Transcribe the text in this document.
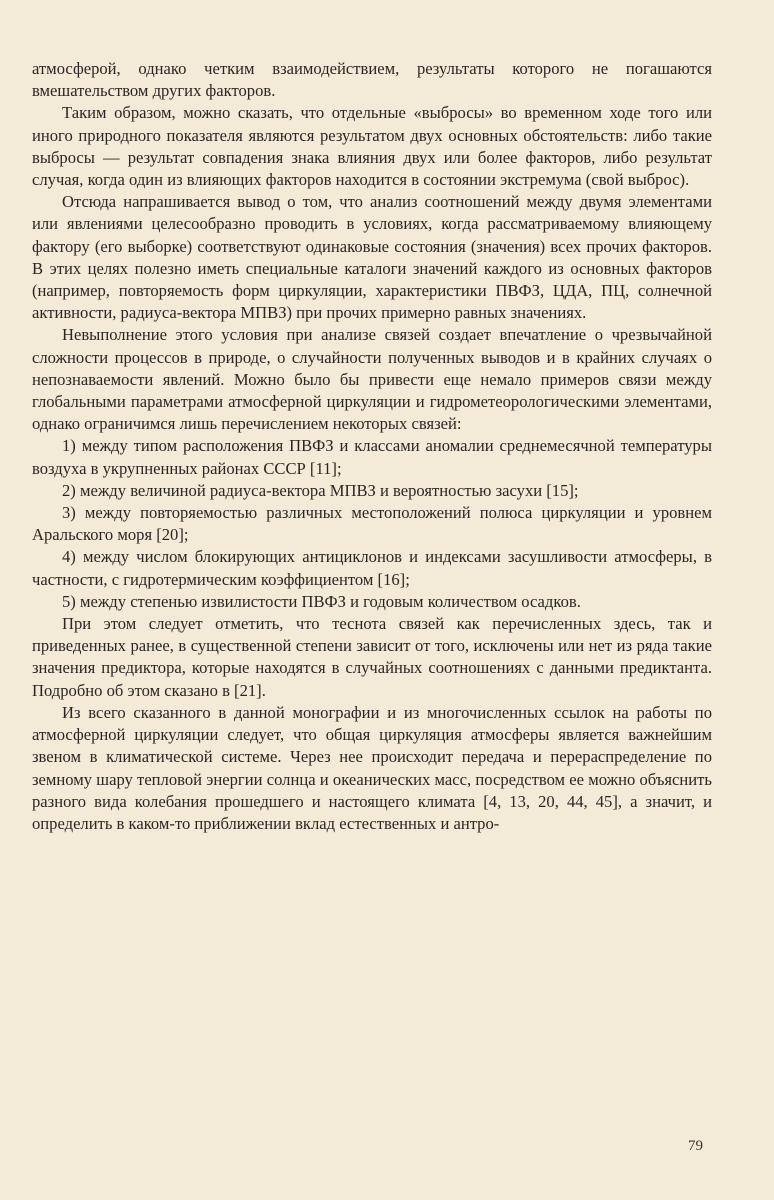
атмосферой, однако четким взаимодействием, результаты которого не погашаются вмешательством других факторов.

Таким образом, можно сказать, что отдельные «выбросы» во временном ходе того или иного природного показателя являются результатом двух основных обстоятельств: либо такие выбросы — результат совпадения знака влияния двух или более факторов, либо результат случая, когда один из влияющих факторов находится в состоянии экстремума (свой выброс).

Отсюда напрашивается вывод о том, что анализ соотношений между двумя элементами или явлениями целесообразно проводить в условиях, когда рассматриваемому влияющему фактору (его выборке) соответствуют одинаковые состояния (значения) всех прочих факторов. В этих целях полезно иметь специальные каталоги значений каждого из основных факторов (например, повторяемость форм циркуляции, характеристики ПВФЗ, ЦДА, ПЦ, солнечной активности, радиуса-вектора МПВЗ) при прочих примерно равных значениях.

Невыполнение этого условия при анализе связей создает впечатление о чрезвычайной сложности процессов в природе, о случайности полученных выводов и в крайних случаях о непознаваемости явлений. Можно было бы привести еще немало примеров связи между глобальными параметрами атмосферной циркуляции и гидрометеорологическими элементами, однако ограничимся лишь перечислением некоторых связей:

1) между типом расположения ПВФЗ и классами аномалии среднемесячной температуры воздуха в укрупненных районах СССР [11];

2) между величиной радиуса-вектора МПВЗ и вероятностью засухи [15];

3) между повторяемостью различных местоположений полюса циркуляции и уровнем Аральского моря [20];

4) между числом блокирующих антициклонов и индексами засушливости атмосферы, в частности, с гидротермическим коэффициентом [16];

5) между степенью извилистости ПВФЗ и годовым количеством осадков.

При этом следует отметить, что теснота связей как перечисленных здесь, так и приведенных ранее, в существенной степени зависит от того, исключены или нет из ряда такие значения предиктора, которые находятся в случайных соотношениях с данными предиктанта. Подробно об этом сказано в [21].

Из всего сказанного в данной монографии и из многочисленных ссылок на работы по атмосферной циркуляции следует, что общая циркуляция атмосферы является важнейшим звеном в климатической системе. Через нее происходит передача и перераспределение по земному шару тепловой энергии солнца и океанических масс, посредством ее можно объяснить разного вида колебания прошедшего и настоящего климата [4, 13, 20, 44, 45], а значит, и определить в каком-то приближении вклад естественных и антро-

79
